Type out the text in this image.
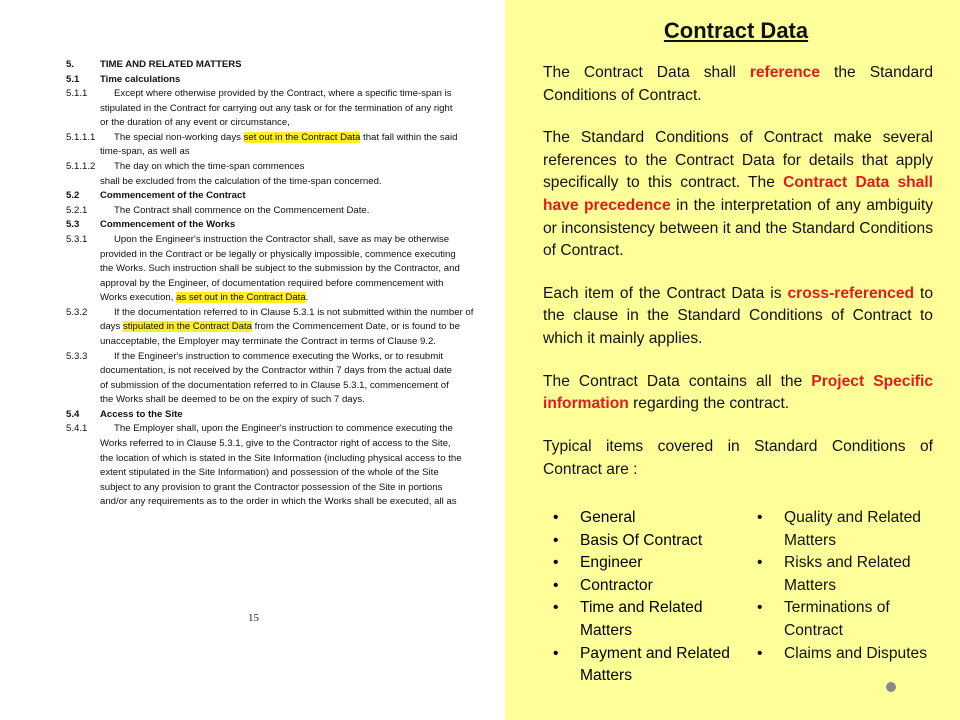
5.	TIME AND RELATED MATTERS
5.1 Time calculations
5.1.1	Except where otherwise provided by the Contract, where a specific time-span is
stipulated in the Contract for carrying out any task or for the termination of any right
or the duration of any event or circumstance,
5.1.1.1 The special non-working days set out in the Contract Data that fall within the said
time-span, as well as
5.1.1.2 The day on which the time-span commences
shall be excluded from the calculation of the time-span concerned.
5.2 Commencement of the Contract
5.2.1	The Contract shall commence on the Commencement Date.
5.3 Commencement of the Works
5.3.1	Upon the Engineer's instruction the Contractor shall, save as may be otherwise
provided in the Contract or be legally or physically impossible, commence executing
the Works. Such instruction shall be subject to the submission by the Contractor, and
approval by the Engineer, of documentation required before commencement with
Works execution, as set out in the Contract Data.
5.3.2	If the documentation referred to in Clause 5.3.1 is not submitted within the number of
days stipulated in the Contract Data from the Commencement Date, or is found to be
unacceptable, the Employer may terminate the Contract in terms of Clause 9.2.
5.3.3	If the Engineer's instruction to commence executing the Works, or to resubmit
documentation, is not received by the Contractor within 7 days from the actual date
of submission of the documentation referred to in Clause 5.3.1, commencement of
the Works shall be deemed to be on the expiry of such 7 days.
5.4 Access to the Site
5.4.1	The Employer shall, upon the Engineer's instruction to commence executing the
Works referred to in Clause 5.3.1, give to the Contractor right of access to the Site,
the location of which is stated in the Site Information (including physical access to the
extent stipulated in the Site Information) and possession of the whole of the Site
subject to any provision to grant the Contractor possession of the Site in portions
and/or any requirements as to the order in which the Works shall be executed, all as
15
Contract Data

The Contract Data shall reference the Standard Conditions of Contract.

The Standard Conditions of Contract make several references to the Contract Data for details that apply specifically to this contract. The Contract Data shall have precedence in the interpretation of any ambiguity or inconsistency between it and the Standard Conditions of Contract.

Each item of the Contract Data is cross-referenced to the clause in the Standard Conditions of Contract to which it mainly applies.

The Contract Data contains all the Project Specific information regarding the contract.

Typical items covered in Standard Conditions of Contract are :

• General
• Basis Of Contract
• Engineer
• Contractor
• Time and Related Matters
• Payment and Related Matters
• Quality and Related Matters
• Risks and Related Matters
• Terminations of Contract
• Claims and Disputes
